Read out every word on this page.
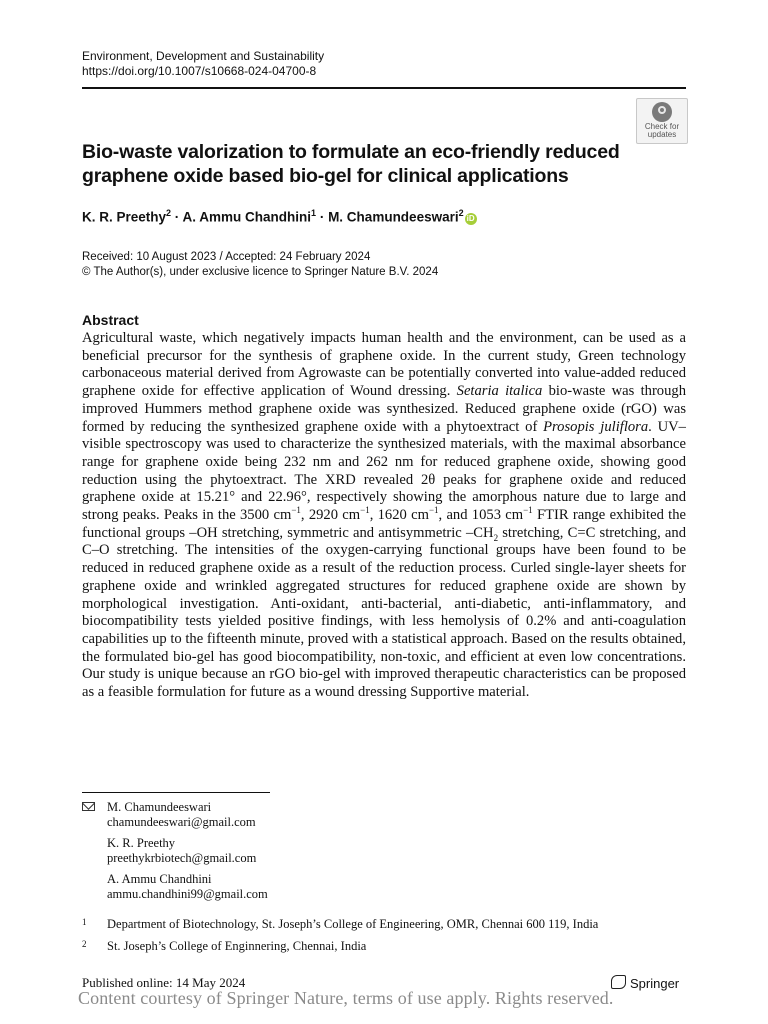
Environment, Development and Sustainability
https://doi.org/10.1007/s10668-024-04700-8
Check for
updates
Bio-waste valorization to formulate an eco-friendly reduced graphene oxide based bio-gel for clinical applications
K. R. Preethy$^2$ · A. Ammu Chandhini$^1$ · M. Chamundeeswari$^2$ iD
Received: 10 August 2023 / Accepted: 24 February 2024
© The Author(s), under exclusive licence to Springer Nature B.V. 2024
Abstract
Agricultural waste, which negatively impacts human health and the environment, can be used as a beneficial precursor for the synthesis of graphene oxide. In the current study, Green technology carbonaceous material derived from Agrowaste can be potentially converted into value-added reduced graphene oxide for effective application of Wound dressing. Setaria italica bio-waste was through improved Hummers method graphene oxide was synthesized. Reduced graphene oxide (rGO) was formed by reducing the synthesized graphene oxide with a phytoextract of Prosopis juliflora. UV–visible spectroscopy was used to characterize the synthesized materials, with the maximal absorbance range for graphene oxide being 232 nm and 262 nm for reduced graphene oxide, showing good reduction using the phytoextract. The XRD revealed 2θ peaks for graphene oxide and reduced graphene oxide at 15.21° and 22.96°, respectively showing the amorphous nature due to large and strong peaks. Peaks in the 3500 $cm^{-1}$, 2920 $cm^{-1}$, 1620 $cm^{-1}$, and 1053 $cm^{-1}$ FTIR range exhibited the functional groups –OH stretching, symmetric and antisymmetric $-CH_2$ stretching, C=C stretching, and C–O stretching. The intensities of the oxygen-carrying functional groups have been found to be reduced in reduced graphene oxide as a result of the reduction process. Curled single-layer sheets for graphene oxide and wrinkled aggregated structures for reduced graphene oxide are shown by morphological investigation. Anti-oxidant, anti-bacterial, anti-diabetic, anti-inflammatory, and biocompatibility tests yielded positive findings, with less hemolysis of 0.2% and anti-coagulation capabilities up to the fifteenth minute, proved with a statistical approach. Based on the results obtained, the formulated bio-gel has good biocompatibility, non-toxic, and efficient at even low concentrations. Our study is unique because an rGO bio-gel with improved therapeutic characteristics can be proposed as a feasible formulation for future as a wound dressing Supportive material.
M. Chamundeeswari
chamundeeswari@gmail.com
K. R. Preethy
preethykrbiotech@gmail.com
A. Ammu Chandhini
ammu.chandhini99@gmail.com
1 Department of Biotechnology, St. Joseph’s College of Engineering, OMR, Chennai 600 119, India
2 St. Joseph’s College of Enginnering, Chennai, India
Published online: 14 May 2024	Springer
Content courtesy of Springer Nature, terms of use apply. Rights reserved.
